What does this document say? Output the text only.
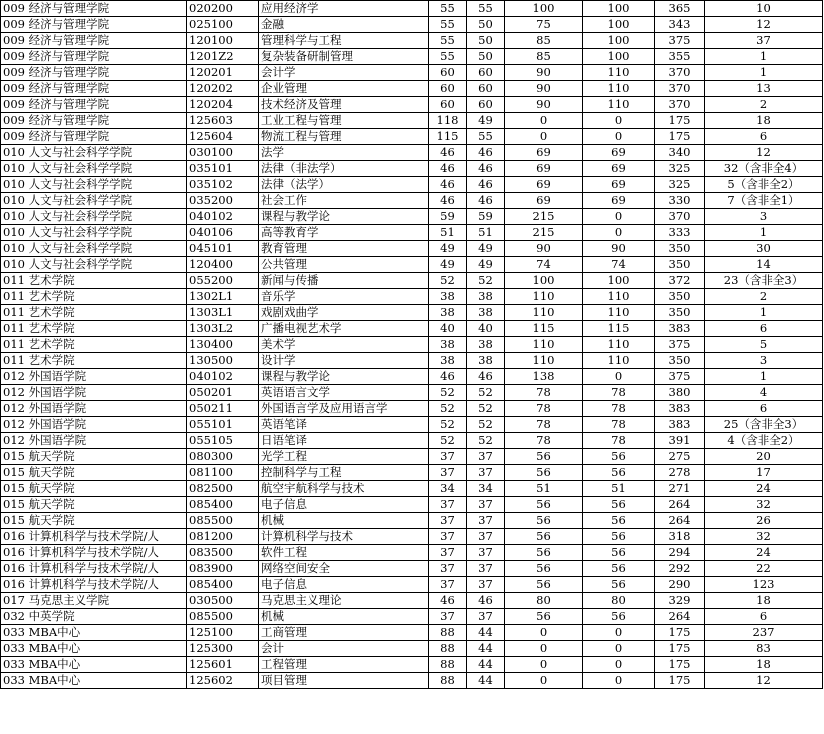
009 经济与管理学院	020200	应用经济学	55	55	100	100	365	10
009 经济与管理学院	025100	金融	55	50	75	100	343	12
009 经济与管理学院	120100	管理科学与工程	55	50	85	100	375	37
009 经济与管理学院	1201Z2	复杂装备研制管理	55	50	85	100	355	1
009 经济与管理学院	120201	会计学	60	60	90	110	370	1
009 经济与管理学院	120202	企业管理	60	60	90	110	370	13
009 经济与管理学院	120204	技术经济及管理	60	60	90	110	370	2
009 经济与管理学院	125603	工业工程与管理	118	49	0	0	175	18
009 经济与管理学院	125604	物流工程与管理	115	55	0	0	175	6
010 人文与社会科学学院	030100	法学	46	46	69	69	340	12
010 人文与社会科学学院	035101	法律（非法学）	46	46	69	69	325	32（含非全4）
010 人文与社会科学学院	035102	法律（法学）	46	46	69	69	325	5（含非全2）
010 人文与社会科学学院	035200	社会工作	46	46	69	69	330	7（含非全1）
010 人文与社会科学学院	040102	课程与教学论	59	59	215	0	370	3
010 人文与社会科学学院	040106	高等教育学	51	51	215	0	333	1
010 人文与社会科学学院	045101	教育管理	49	49	90	90	350	30
010 人文与社会科学学院	120400	公共管理	49	49	74	74	350	14
011 艺术学院	055200	新闻与传播	52	52	100	100	372	23（含非全3）
011 艺术学院	1302L1	音乐学	38	38	110	110	350	2
011 艺术学院	1303L1	戏剧戏曲学	38	38	110	110	350	1
011 艺术学院	1303L2	广播电视艺术学	40	40	115	115	383	6
011 艺术学院	130400	美术学	38	38	110	110	375	5
011 艺术学院	130500	设计学	38	38	110	110	350	3
012 外国语学院	040102	课程与教学论	46	46	138	0	375	1
012 外国语学院	050201	英语语言文学	52	52	78	78	380	4
012 外国语学院	050211	外国语言学及应用语言学	52	52	78	78	383	6
012 外国语学院	055101	英语笔译	52	52	78	78	383	25（含非全3）
012 外国语学院	055105	日语笔译	52	52	78	78	391	4（含非全2）
015 航天学院	080300	光学工程	37	37	56	56	275	20
015 航天学院	081100	控制科学与工程	37	37	56	56	278	17
015 航天学院	082500	航空宇航科学与技术	34	34	51	51	271	24
015 航天学院	085400	电子信息	37	37	56	56	264	32
015 航天学院	085500	机械	37	37	56	56	264	26
016 计算机科学与技术学院/人	081200	计算机科学与技术	37	37	56	56	318	32
016 计算机科学与技术学院/人	083500	软件工程	37	37	56	56	294	24
016 计算机科学与技术学院/人	083900	网络空间安全	37	37	56	56	292	22
016 计算机科学与技术学院/人	085400	电子信息	37	37	56	56	290	123
017 马克思主义学院	030500	马克思主义理论	46	46	80	80	329	18
032 中英学院	085500	机械	37	37	56	56	264	6
033 MBA中心	125100	工商管理	88	44	0	0	175	237
033 MBA中心	125300	会计	88	44	0	0	175	83
033 MBA中心	125601	工程管理	88	44	0	0	175	18
033 MBA中心	125602	项目管理	88	44	0	0	175	12
